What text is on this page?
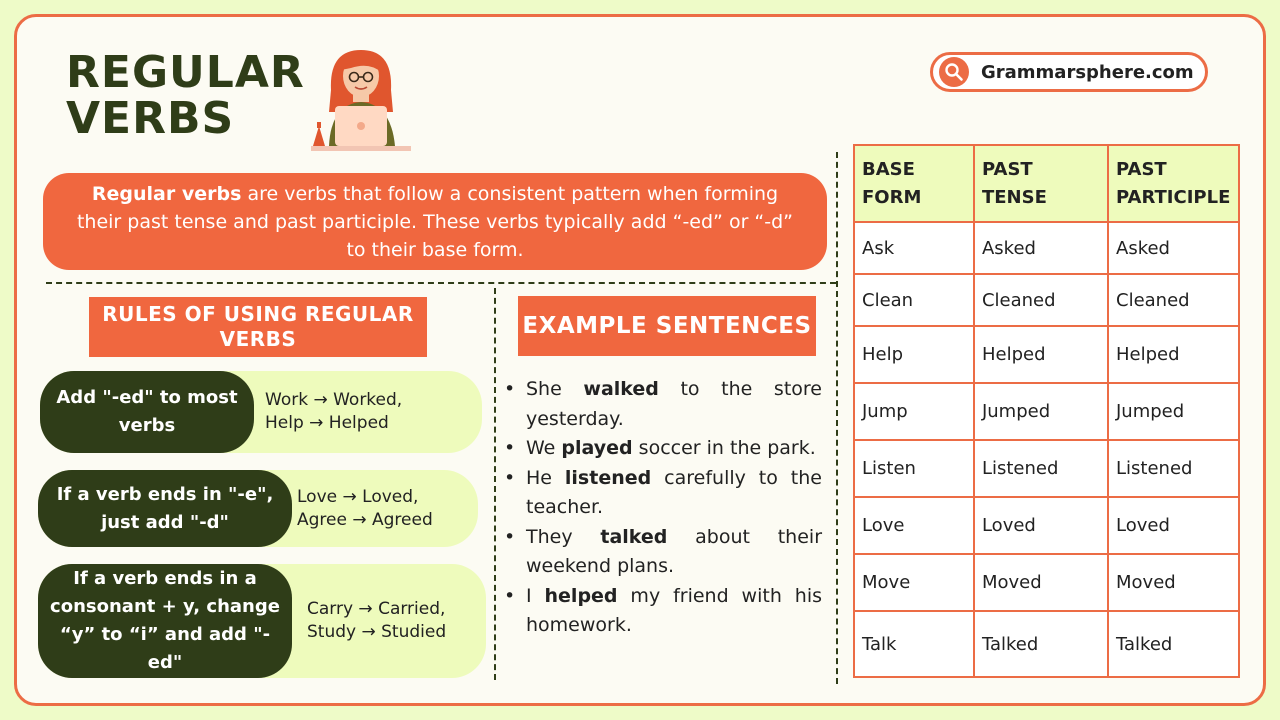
REGULAR
VERBS
Grammarsphere.com
Regular verbs are verbs that follow a consistent pattern when forming their past tense and past participle. These verbs typically add “-ed” or “-d” to their base form.
RULES OF USING REGULAR VERBS	EXAMPLE SENTENCES
Add "-ed" to most verbs
Work → Worked,
Help → Helped
If a verb ends in "-e", just add "-d"
Love → Loved,
Agree → Agreed
If a verb ends in a consonant + y, change “y” to “i” and add "-ed"
Carry → Carried,
Study → Studied
• She walked to the store yesterday.
• We played soccer in the park.
• He listened carefully to the teacher.
• They talked about their weekend plans.
• I helped my friend with his homework.
BASE FORM	PAST TENSE	PAST PARTICIPLE
Ask	Asked	Asked
Clean	Cleaned	Cleaned
Help	Helped	Helped
Jump	Jumped	Jumped
Listen	Listened	Listened
Love	Loved	Loved
Move	Moved	Moved
Talk	Talked	Talked
